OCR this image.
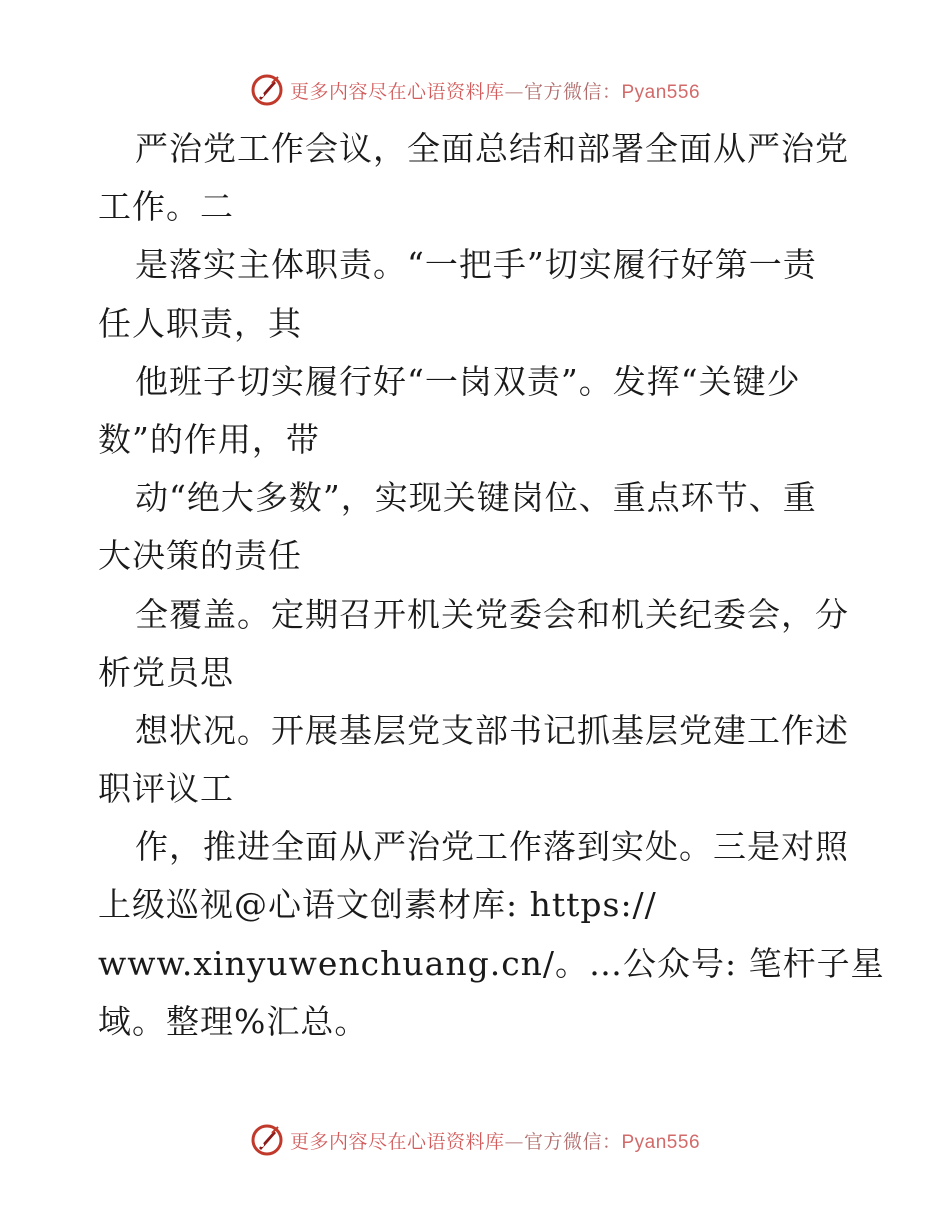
更多内容尽在心语资料库—官方微信：Pyan556
严治党工作会议，全面总结和部署全面从严治党
工作。二
是落实主体职责。“一把手”切实履行好第一责
任人职责，其
他班子切实履行好“一岗双责”。发挥“关键少
数”的作用，带
动“绝大多数”，实现关键岗位、重点环节、重
大决策的责任
全覆盖。定期召开机关党委会和机关纪委会，分
析党员思
想状况。开展基层党支部书记抓基层党建工作述
职评议工
作，推进全面从严治党工作落到实处。三是对照
上级巡视@心语文创素材库: https://
www.xinyuwenchuang.cn/。…公众号: 笔杆子星
域。整理%汇总。
更多内容尽在心语资料库—官方微信：Pyan556
